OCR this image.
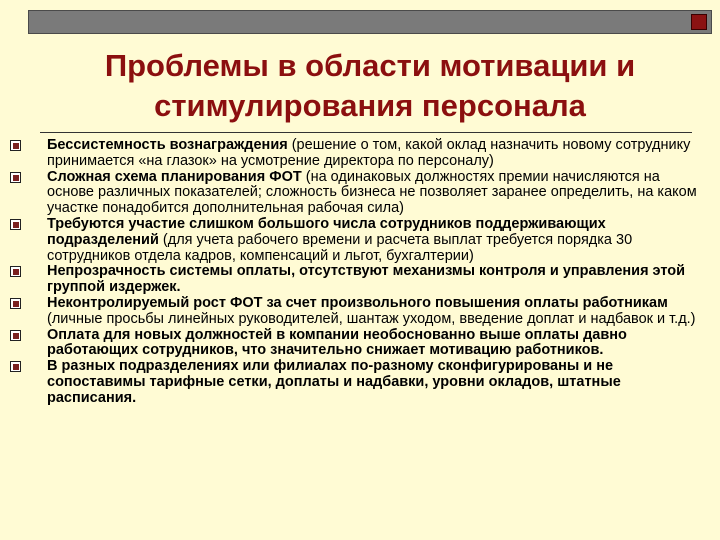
Проблемы в области мотивации и
стимулирования персонала
Бессистемность вознаграждения (решение о том, какой оклад назначить новому сотруднику принимается «на глазок» на усмотрение директора по персоналу)
Сложная схема планирования ФОТ (на одинаковых должностях премии начисляются на основе различных показателей; сложность бизнеса не позволяет заранее определить, на каком участке понадобится дополнительная рабочая сила)
Требуются участие слишком большого числа сотрудников поддерживающих подразделений (для учета рабочего времени и расчета выплат требуется порядка 30 сотрудников отдела кадров, компенсаций и льгот, бухгалтерии)
Непрозрачность системы оплаты, отсутствуют механизмы контроля и управления этой группой издержек.
Неконтролируемый рост ФОТ за счет произвольного повышения оплаты работникам (личные просьбы линейных руководителей, шантаж уходом, введение доплат и надбавок и т.д.)
Оплата для новых должностей в компании необоснованно выше оплаты давно работающих сотрудников, что значительно снижает мотивацию работников.
В разных подразделениях или филиалах по-разному сконфигурированы и не сопоставимы тарифные сетки, доплаты и надбавки, уровни окладов, штатные расписания.
